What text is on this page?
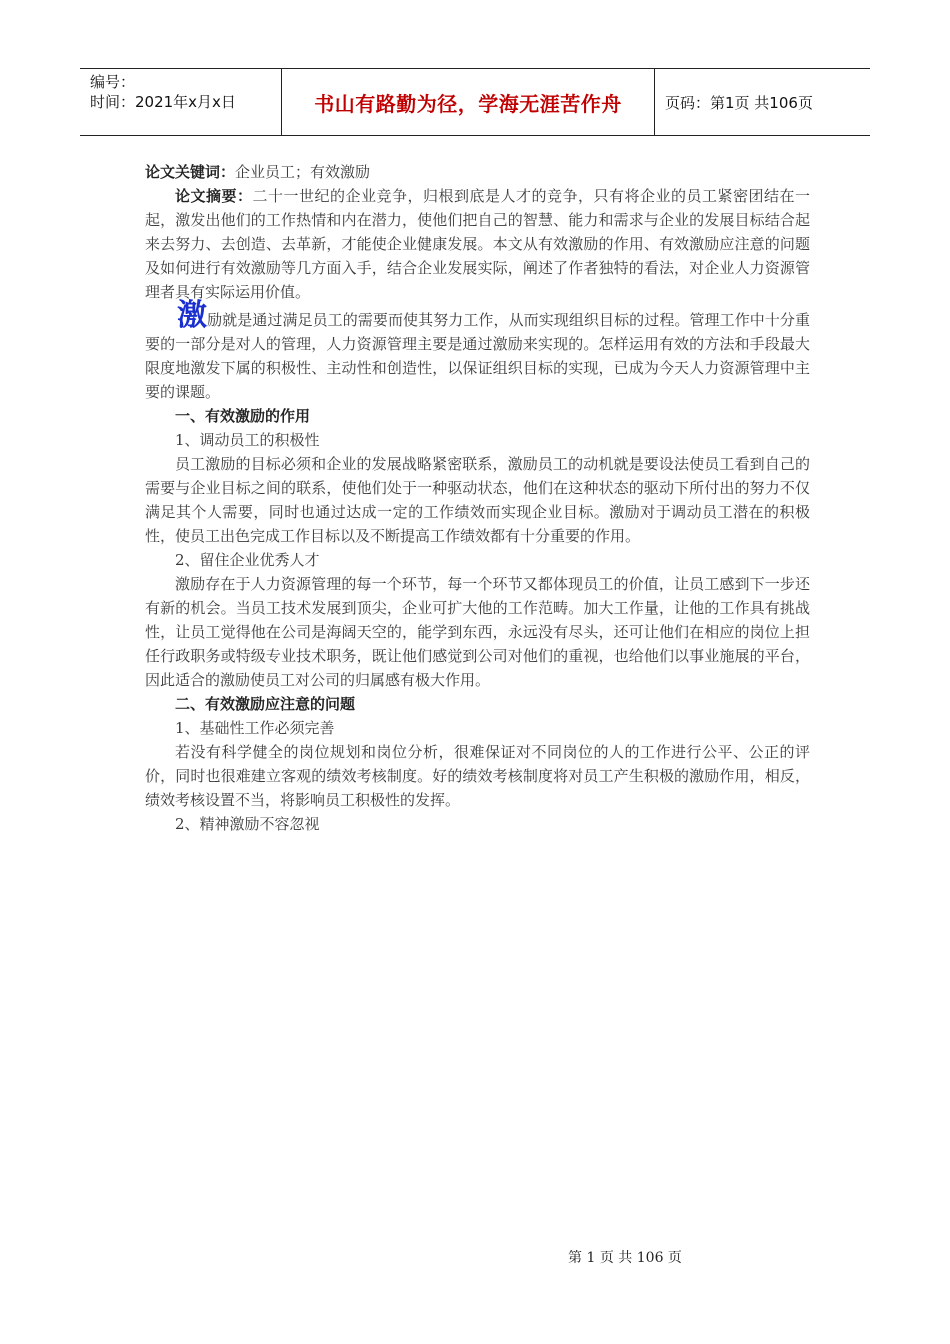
编号：
时间：2021年x月x日	书山有路勤为径，学海无涯苦作舟	页码：第1页 共106页

论文关键词：企业员工；有效激励

论文摘要：二十一世纪的企业竞争，归根到底是人才的竞争，只有将企业的员工紧密团结在一起，激发出他们的工作热情和内在潜力，使他们把自己的智慧、能力和需求与企业的发展目标结合起来去努力、去创造、去革新，才能使企业健康发展。本文从有效激励的作用、有效激励应注意的问题及如何进行有效激励等几方面入手，结合企业发展实际，阐述了作者独特的看法，对企业人力资源管理者具有实际运用价值。

激励就是通过满足员工的需要而使其努力工作，从而实现组织目标的过程。管理工作中十分重要的一部分是对人的管理，人力资源管理主要是通过激励来实现的。怎样运用有效的方法和手段最大限度地激发下属的积极性、主动性和创造性，以保证组织目标的实现，已成为今天人力资源管理中主要的课题。

一、有效激励的作用

1、调动员工的积极性

员工激励的目标必须和企业的发展战略紧密联系，激励员工的动机就是要设法使员工看到自己的需要与企业目标之间的联系，使他们处于一种驱动状态，他们在这种状态的驱动下所付出的努力不仅满足其个人需要，同时也通过达成一定的工作绩效而实现企业目标。激励对于调动员工潜在的积极性，使员工出色完成工作目标以及不断提高工作绩效都有十分重要的作用。

2、留住企业优秀人才

激励存在于人力资源管理的每一个环节，每一个环节又都体现员工的价值，让员工感到下一步还有新的机会。当员工技术发展到顶尖，企业可扩大他的工作范畴。加大工作量，让他的工作具有挑战性，让员工觉得他在公司是海阔天空的，能学到东西，永远没有尽头，还可让他们在相应的岗位上担任行政职务或特级专业技术职务，既让他们感觉到公司对他们的重视，也给他们以事业施展的平台，因此适合的激励使员工对公司的归属感有极大作用。

二、有效激励应注意的问题

1、基础性工作必须完善

若没有科学健全的岗位规划和岗位分析，很难保证对不同岗位的人的工作进行公平、公正的评价，同时也很难建立客观的绩效考核制度。好的绩效考核制度将对员工产生积极的激励作用，相反，绩效考核设置不当，将影响员工积极性的发挥。

2、精神激励不容忽视

第 1 页 共 106 页
